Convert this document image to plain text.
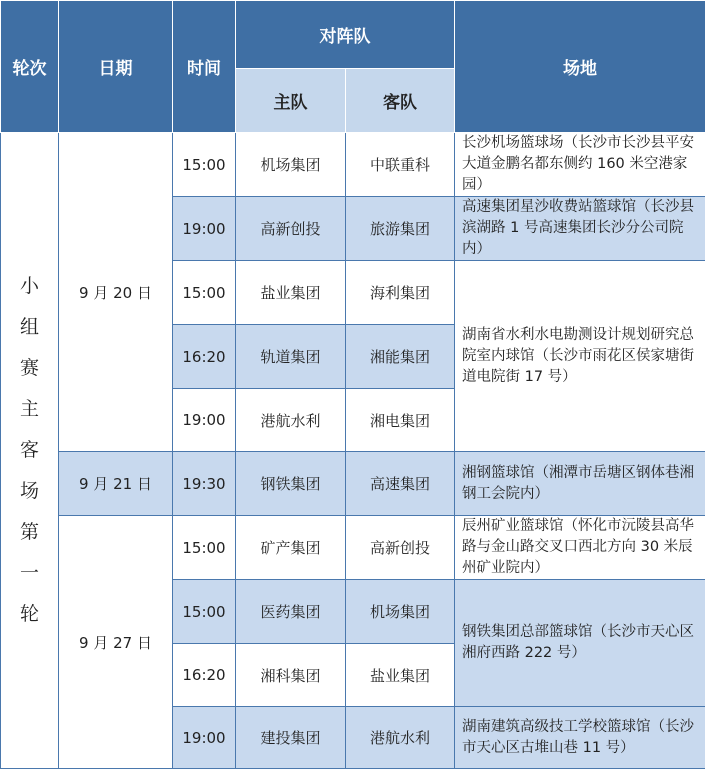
轮次	日期	时间	对阵队		场地
			主队	客队	
小组赛主客场第一轮	9 月 20 日	15:00	机场集团	中联重科	长沙机场篮球场（长沙市长沙县平安大道金鹏名都东侧约 160 米空港家园）
		19:00	高新创投	旅游集团	高速集团星沙收费站篮球馆（长沙县滨湖路 1 号高速集团长沙分公司院内）
		15:00	盐业集团	海利集团	湖南省水利水电勘测设计规划研究总院室内球馆（长沙市雨花区侯家塘街道电院街 17 号）
		16:20	轨道集团	湘能集团	
		19:00	港航水利	湘电集团	
	9 月 21 日	19:30	钢铁集团	高速集团	湘钢篮球馆（湘潭市岳塘区钢体巷湘钢工会院内）
	9 月 27 日	15:00	矿产集团	高新创投	辰州矿业篮球馆（怀化市沅陵县高华路与金山路交叉口西北方向 30 米辰州矿业院内）
		15:00	医药集团	机场集团	钢铁集团总部篮球馆（长沙市天心区湘府西路 222 号）
		16:20	湘科集团	盐业集团	
		19:00	建投集团	港航水利	湖南建筑高级技工学校篮球馆（长沙市天心区古堆山巷 11 号）
